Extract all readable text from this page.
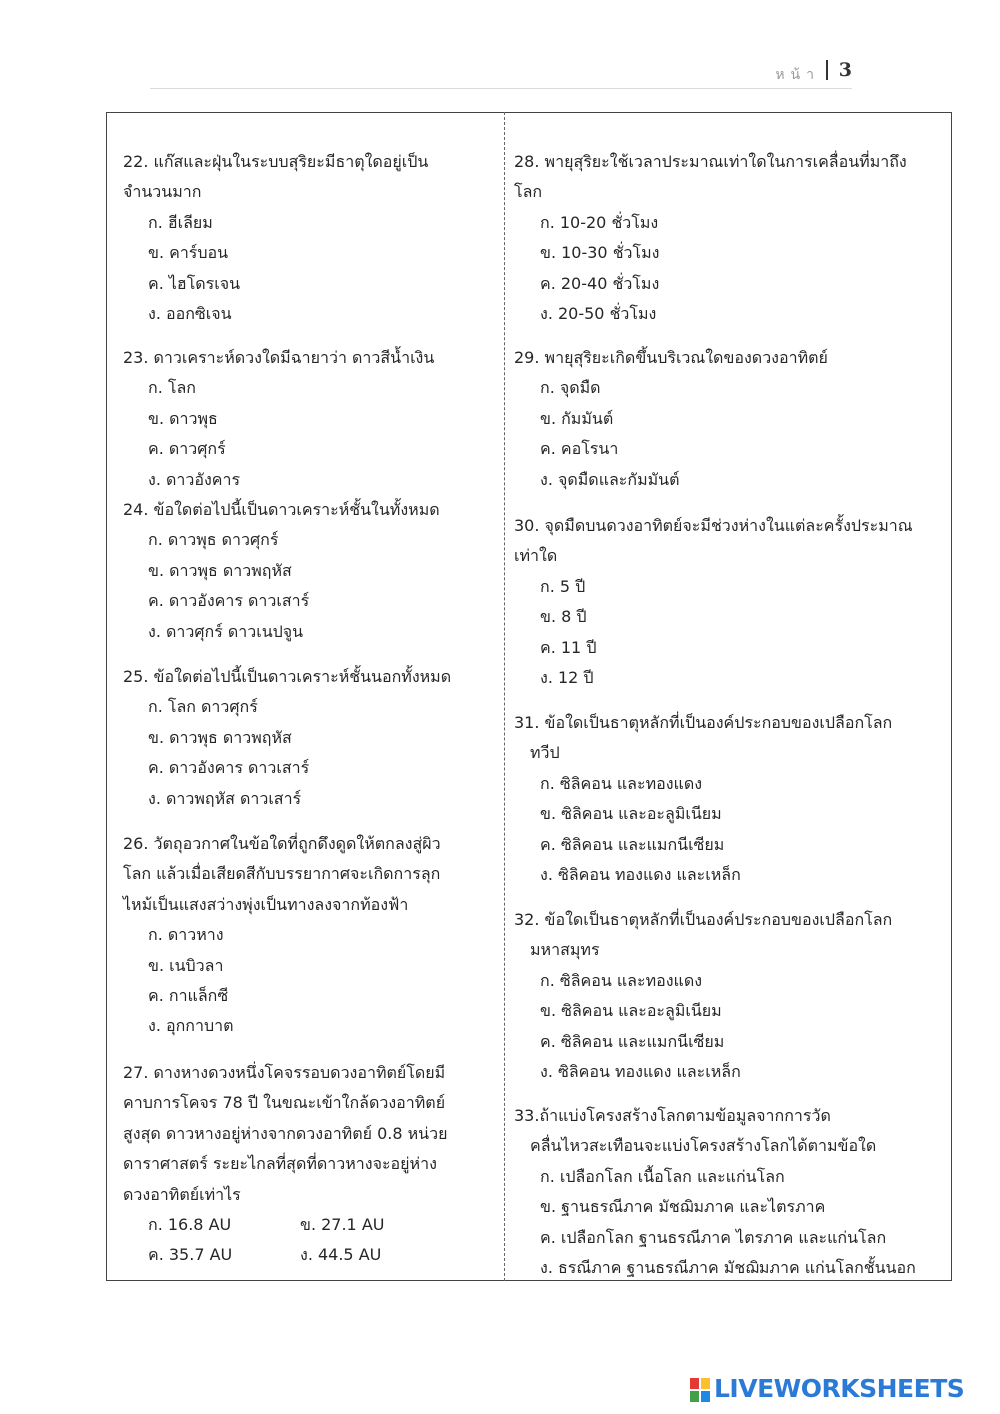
หน้า 3
22. แก๊สและฝุ่นในระบบสุริยะมีธาตุใดอยู่เป็น
จำนวนมาก
ก. ฮีเลียม
ข. คาร์บอน
ค. ไฮโดรเจน
ง. ออกซิเจน
23. ดาวเคราะห์ดวงใดมีฉายาว่า ดาวสีน้ำเงิน
ก. โลก
ข. ดาวพุธ
ค. ดาวศุกร์
ง. ดาวอังคาร
24. ข้อใดต่อไปนี้เป็นดาวเคราะห์ชั้นในทั้งหมด
ก. ดาวพุธ ดาวศุกร์
ข. ดาวพุธ ดาวพฤหัส
ค. ดาวอังคาร ดาวเสาร์
ง. ดาวศุกร์ ดาวเนปจูน
25. ข้อใดต่อไปนี้เป็นดาวเคราะห์ชั้นนอกทั้งหมด
ก. โลก ดาวศุกร์
ข. ดาวพุธ ดาวพฤหัส
ค. ดาวอังคาร ดาวเสาร์
ง. ดาวพฤหัส ดาวเสาร์
26. วัตถุอวกาศในข้อใดที่ถูกดึงดูดให้ตกลงสู่ผิว
โลก แล้วเมื่อเสียดสีกับบรรยากาศจะเกิดการลุก
ไหม้เป็นแสงสว่างพุ่งเป็นทางลงจากท้องฟ้า
ก. ดาวหาง
ข. เนบิวลา
ค. กาแล็กซี
ง. อุกกาบาต
27. ดางหางดวงหนึ่งโคจรรอบดวงอาทิตย์โดยมี
คาบการโคจร 78 ปี ในขณะเข้าใกล้ดวงอาทิตย์
สูงสุด ดาวหางอยู่ห่างจากดวงอาทิตย์ 0.8 หน่วย
ดาราศาสตร์ ระยะไกลที่สุดที่ดาวหางจะอยู่ห่าง
ดวงอาทิตย์เท่าไร
ก. 16.8 AU	ข. 27.1 AU
ค. 35.7 AU	ง. 44.5 AU
28. พายุสุริยะใช้เวลาประมาณเท่าใดในการเคลื่อนที่มาถึง
โลก
ก. 10-20 ชั่วโมง
ข. 10-30 ชั่วโมง
ค. 20-40 ชั่วโมง
ง. 20-50 ชั่วโมง
29. พายุสุริยะเกิดขึ้นบริเวณใดของดวงอาทิตย์
ก. จุดมืด
ข. กัมมันต์
ค. คอโรนา
ง. จุดมืดและกัมมันต์
30. จุดมืดบนดวงอาทิตย์จะมีช่วงห่างในแต่ละครั้งประมาณ
เท่าใด
ก. 5 ปี
ข. 8 ปี
ค. 11 ปี
ง. 12 ปี
31. ข้อใดเป็นธาตุหลักที่เป็นองค์ประกอบของเปลือกโลก
ทวีป
ก. ซิลิคอน และทองแดง
ข. ซิลิคอน และอะลูมิเนียม
ค. ซิลิคอน และแมกนีเซียม
ง. ซิลิคอน ทองแดง และเหล็ก
32. ข้อใดเป็นธาตุหลักที่เป็นองค์ประกอบของเปลือกโลก
มหาสมุทร
ก. ซิลิคอน และทองแดง
ข. ซิลิคอน และอะลูมิเนียม
ค. ซิลิคอน และแมกนีเซียม
ง. ซิลิคอน ทองแดง และเหล็ก
33.ถ้าแบ่งโครงสร้างโลกตามข้อมูลจากการวัด
คลื่นไหวสะเทือนจะแบ่งโครงสร้างโลกได้ตามข้อใด
ก. เปลือกโลก เนื้อโลก และแก่นโลก
ข. ฐานธรณีภาค มัชฌิมภาค และไตรภาค
ค. เปลือกโลก ฐานธรณีภาค ไตรภาค และแก่นโลก
ง. ธรณีภาค ฐานธรณีภาค มัชฌิมภาค แก่นโลกชั้นนอก
LIVEWORKSHEETS
